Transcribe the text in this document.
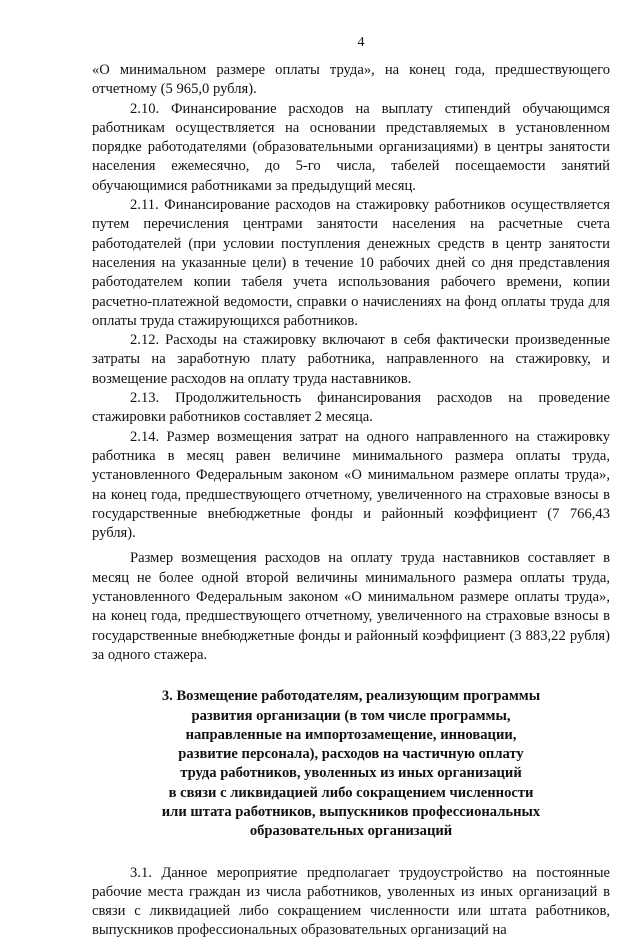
4

«О минимальном размере оплаты труда», на конец года, предшествующего отчетному (5 965,0 рубля).

2.10. Финансирование расходов на выплату стипендий обучающимся работникам осуществляется на основании представляемых в установленном порядке работодателями (образовательными организациями) в центры занятости населения ежемесячно, до 5-го числа, табелей посещаемости занятий обучающимися работниками за предыдущий месяц.

2.11. Финансирование расходов на стажировку работников осуществляется путем перечисления центрами занятости населения на расчетные счета работодателей (при условии поступления денежных средств в центр занятости населения на указанные цели) в течение 10 рабочих дней со дня представления работодателем копии табеля учета использования рабочего времени, копии расчетно-платежной ведомости, справки о начислениях на фонд оплаты труда для оплаты труда стажирующихся работников.

2.12. Расходы на стажировку включают в себя фактически произведенные затраты на заработную плату работника, направленного на стажировку, и возмещение расходов на оплату труда наставников.

2.13. Продолжительность финансирования расходов на проведение стажировки работников составляет 2 месяца.

2.14. Размер возмещения затрат на одного направленного на стажировку работника в месяц равен величине минимального размера оплаты труда, установленного Федеральным законом «О минимальном размере оплаты труда», на конец года, предшествующего отчетному, увеличенного на страховые взносы в государственные внебюджетные фонды и районный коэффициент (7 766,43 рубля).

Размер возмещения расходов на оплату труда наставников составляет в месяц не более одной второй величины минимального размера оплаты труда, установленного Федеральным законом «О минимальном размере оплаты труда», на конец года, предшествующего отчетному, увеличенного на страховые взносы в государственные внебюджетные фонды и районный коэффициент (3 883,22 рубля) за одного стажера.

3. Возмещение работодателям, реализующим программы
развития организации (в том числе программы,
направленные на импортозамещение, инновации,
развитие персонала), расходов на частичную оплату
труда работников, уволенных из иных организаций
в связи с ликвидацией либо сокращением численности
или штата работников, выпускников профессиональных
образовательных организаций

3.1. Данное мероприятие предполагает трудоустройство на постоянные рабочие места граждан из числа работников, уволенных из иных организаций в связи с ликвидацией либо сокращением численности или штата работников, выпускников профессиональных образовательных организаций на
